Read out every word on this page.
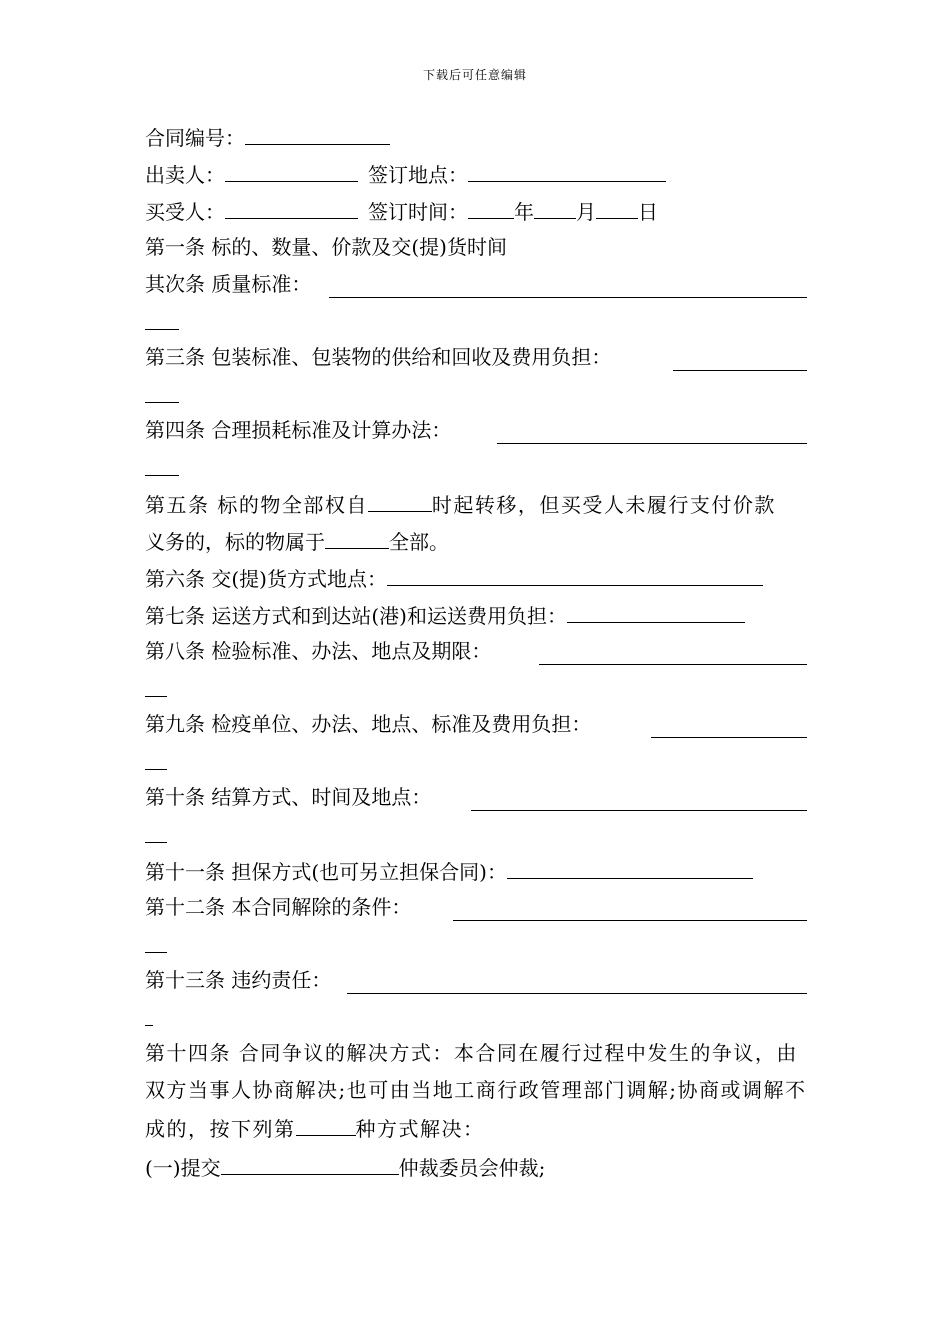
下载后可任意编辑
合同编号：
出卖人：	签订地点：
买受人：	签订时间： 年 月 日
第一条 标的、数量、价款及交(提)货时间
其次条 质量标准：
第三条 包装标准、包装物的供给和回收及费用负担：
第四条 合理损耗标准及计算办法：
第五条 标的物全部权自	时起转移，但买受人未履行支付价款
义务的，标的物属于	全部。
第六条 交(提)货方式地点：
第七条 运送方式和到达站(港)和运送费用负担：
第八条 检验标准、办法、地点及期限：
第九条 检疫单位、办法、地点、标准及费用负担：
第十条 结算方式、时间及地点：
第十一条 担保方式(也可另立担保合同)：
第十二条 本合同解除的条件：
第十三条 违约责任：
第十四条 合同争议的解决方式：本合同在履行过程中发生的争议，由双方当事人协商解决;也可由当地工商行政管理部门调解;协商或调解不成的，按下列第	种方式解决：
(一)提交	仲裁委员会仲裁;
